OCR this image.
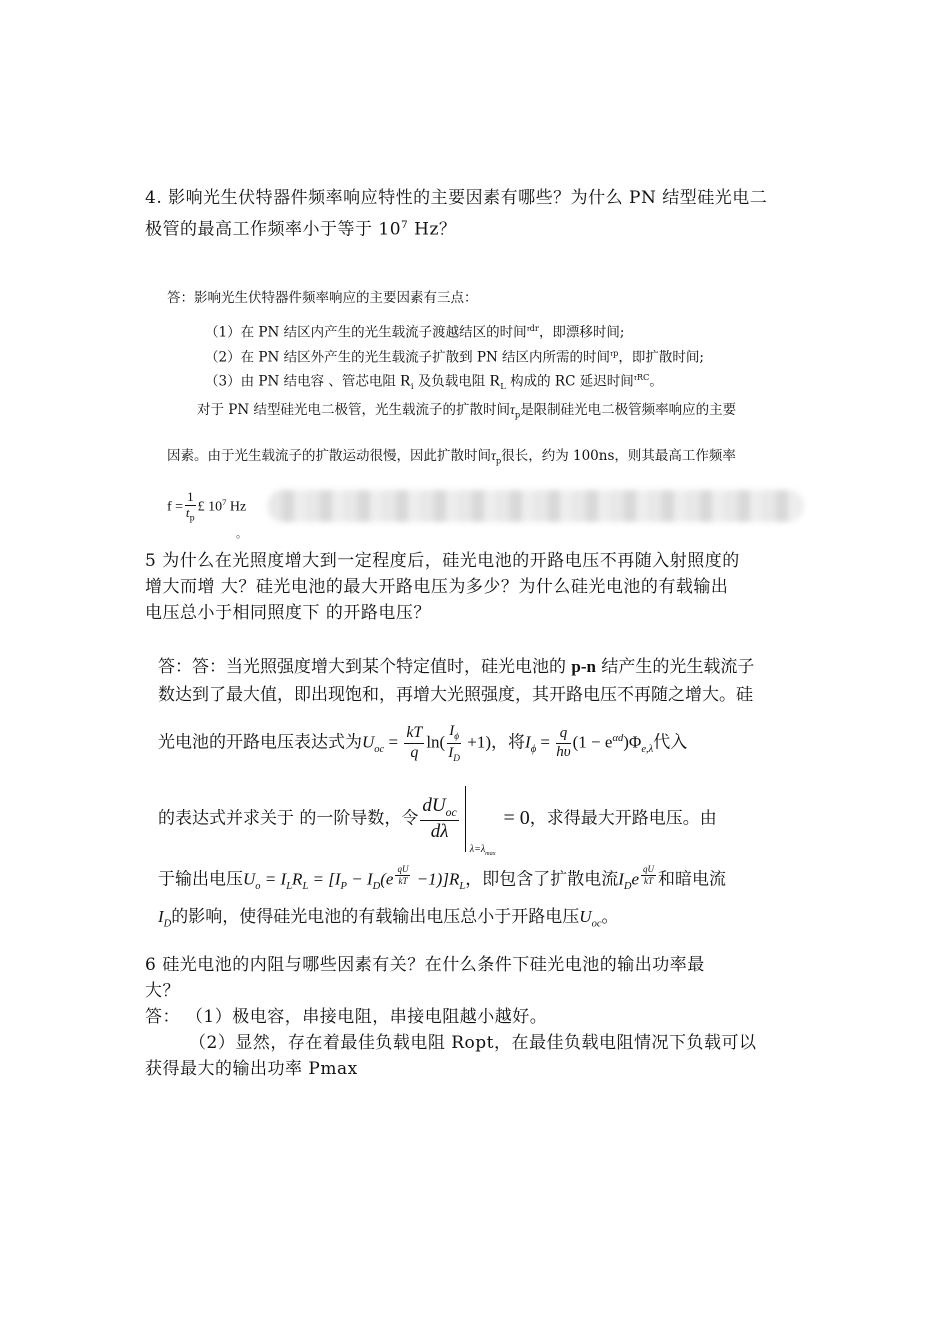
4. 影响光生伏特器件频率响应特性的主要因素有哪些？为什么 PN 结型硅光电二
极管的最高工作频率小于等于 $10^7$ Hz？
答：影响光生伏特器件频率响应的主要因素有三点：
（1）在 PN 结区内产生的光生载流子渡越结区的时间$^{\tau dr}$，即漂移时间;
（2）在 PN 结区外产生的光生载流子扩散到 PN 结区内所需的时间$^{\tau p}$，即扩散时间;
（3）由 PN 结电容 、管芯电阻 $R_i$ 及负载电阻 $R_L$ 构成的 RC 延迟时间$^{\tau RC}$。
对于 PN 结型硅光电二极管，光生载流子的扩散时间$\tau_p$是限制硅光电二极管频率响应的主要
因素。由于光生载流子的扩散运动很慢，因此扩散时间$\tau_p$很长，约为 100ns，则其最高工作频率
$f = \frac{1}{t_p}$ £ $10^7$ Hz
。
5 为什么在光照度增大到一定程度后，硅光电池的开路电压不再随入射照度的
增大而增 大？硅光电池的最大开路电压为多少？为什么硅光电池的有载输出
电压总小于相同照度下 的开路电压？
答：答：当光照强度增大到某个特定值时，硅光电池的 p-n 结产生的光生载流子
数达到了最大值，即出现饱和，再增大光照强度，其开路电压不再随之增大。硅
光电池的开路电压表达式为$U_{oc} = \frac{kT}{q} \ln( \frac{I_\phi}{I_D} +1)$，将$I_\phi = \frac{q}{h\upsilon} (1 - e^{\alpha d})\Phi_{e,\lambda}$代入
的表达式并求关于 的一阶导数，令 $\frac{dU_{oc}}{d\lambda}$
$_{\lambda=\lambda_{max}}$= 0，求得最大开路电压。由
于输出电压$U_o = I_LR_L = [I_P - I_D(e$ $^{\frac{qU}{kT}} -1)]R_L$，即包含了扩散电流$I_De$ $^{\frac{qU}{kT}}$ 和暗电流
$I_D$的影响，使得硅光电池的有载输出电压总小于开路电压$U_{oc}$。
6 硅光电池的内阻与哪些因素有关？在什么条件下硅光电池的输出功率最
大？
答： （1）极电容，串接电阻，串接电阻越小越好。
（2）显然，存在着最佳负载电阻 Ropt，在最佳负载电阻情况下负载可以
获得最大的输出功率 Pmax
